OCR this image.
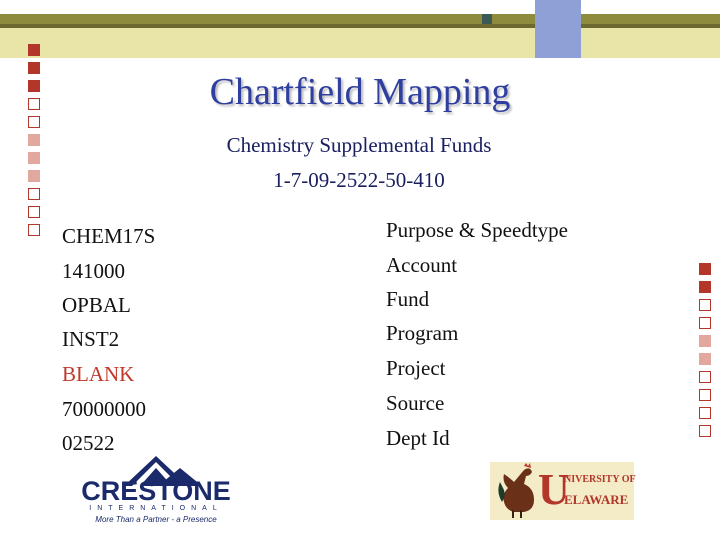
Chartfield Mapping
Chemistry Supplemental Funds
1-7-09-2522-50-410
CHEM17S
141000
OPBAL
INST2
BLANK
70000000
02522
Purpose & Speedtype
Account
Fund
Program
Project
Source
Dept Id
CRESTONE
INTERNATIONAL
More Than a Partner - a Presence
U
NIVERSITY OF
ELAWARE
